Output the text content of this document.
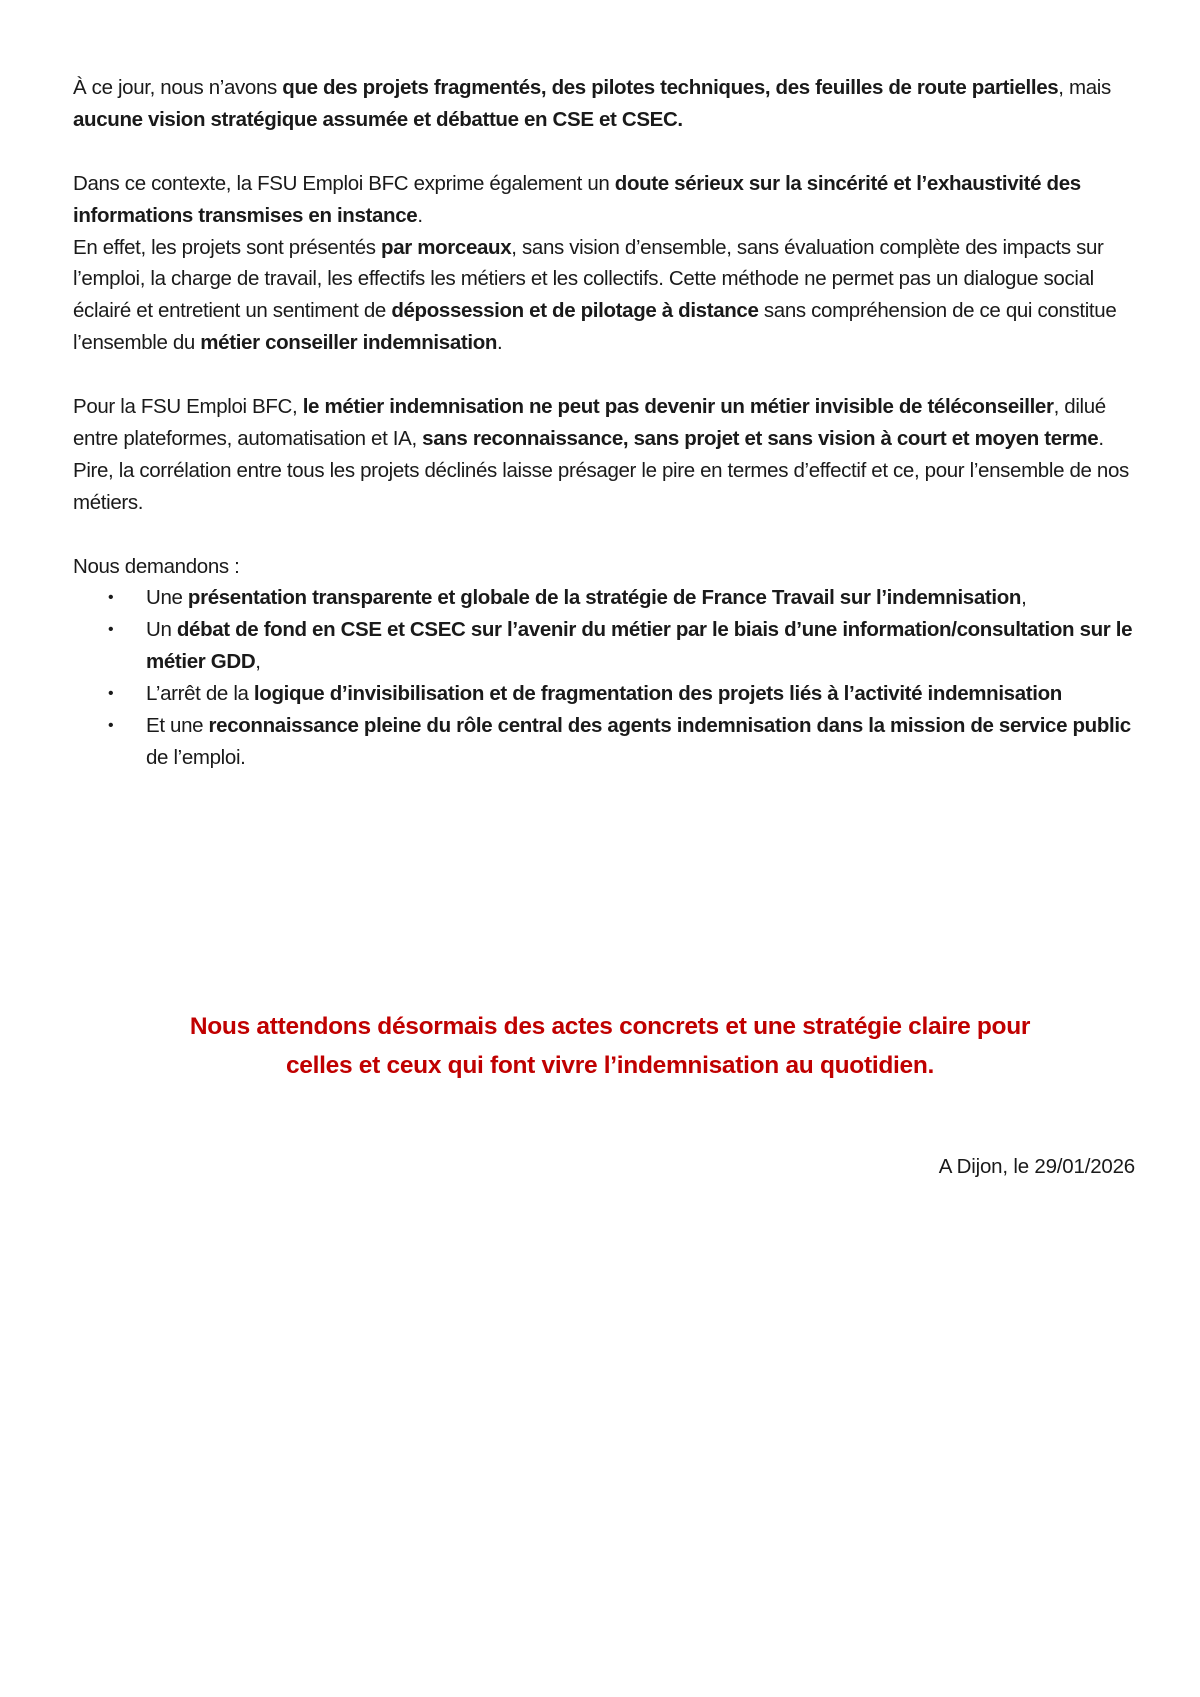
À ce jour, nous n’avons que des projets fragmentés, des pilotes techniques, des feuilles de route partielles, mais aucune vision stratégique assumée et débattue en CSE et CSEC.

Dans ce contexte, la FSU Emploi BFC exprime également un doute sérieux sur la sincérité et l’exhaustivité des informations transmises en instance.
En effet, les projets sont présentés par morceaux, sans vision d’ensemble, sans évaluation complète des impacts sur l’emploi, la charge de travail, les effectifs les métiers et les collectifs. Cette méthode ne permet pas un dialogue social éclairé et entretient un sentiment de dépossession et de pilotage à distance sans compréhension de ce qui constitue l’ensemble du métier conseiller indemnisation.

Pour la FSU Emploi BFC, le métier indemnisation ne peut pas devenir un métier invisible de téléconseiller, dilué entre plateformes, automatisation et IA, sans reconnaissance, sans projet et sans vision à court et moyen terme.
Pire, la corrélation entre tous les projets déclinés laisse présager le pire en termes d’effectif et ce, pour l’ensemble de nos métiers.

Nous demandons :

• Une présentation transparente et globale de la stratégie de France Travail sur l’indemnisation,
• Un débat de fond en CSE et CSEC sur l’avenir du métier par le biais d’une information/consultation sur le métier GDD,
• L’arrêt de la logique d’invisibilisation et de fragmentation des projets liés à l’activité indemnisation
• Et une reconnaissance pleine du rôle central des agents indemnisation dans la mission de service public de l’emploi.
Nous attendons désormais des actes concrets et une stratégie claire pour
celles et ceux qui font vivre l’indemnisation au quotidien.
A Dijon, le 29/01/2026
